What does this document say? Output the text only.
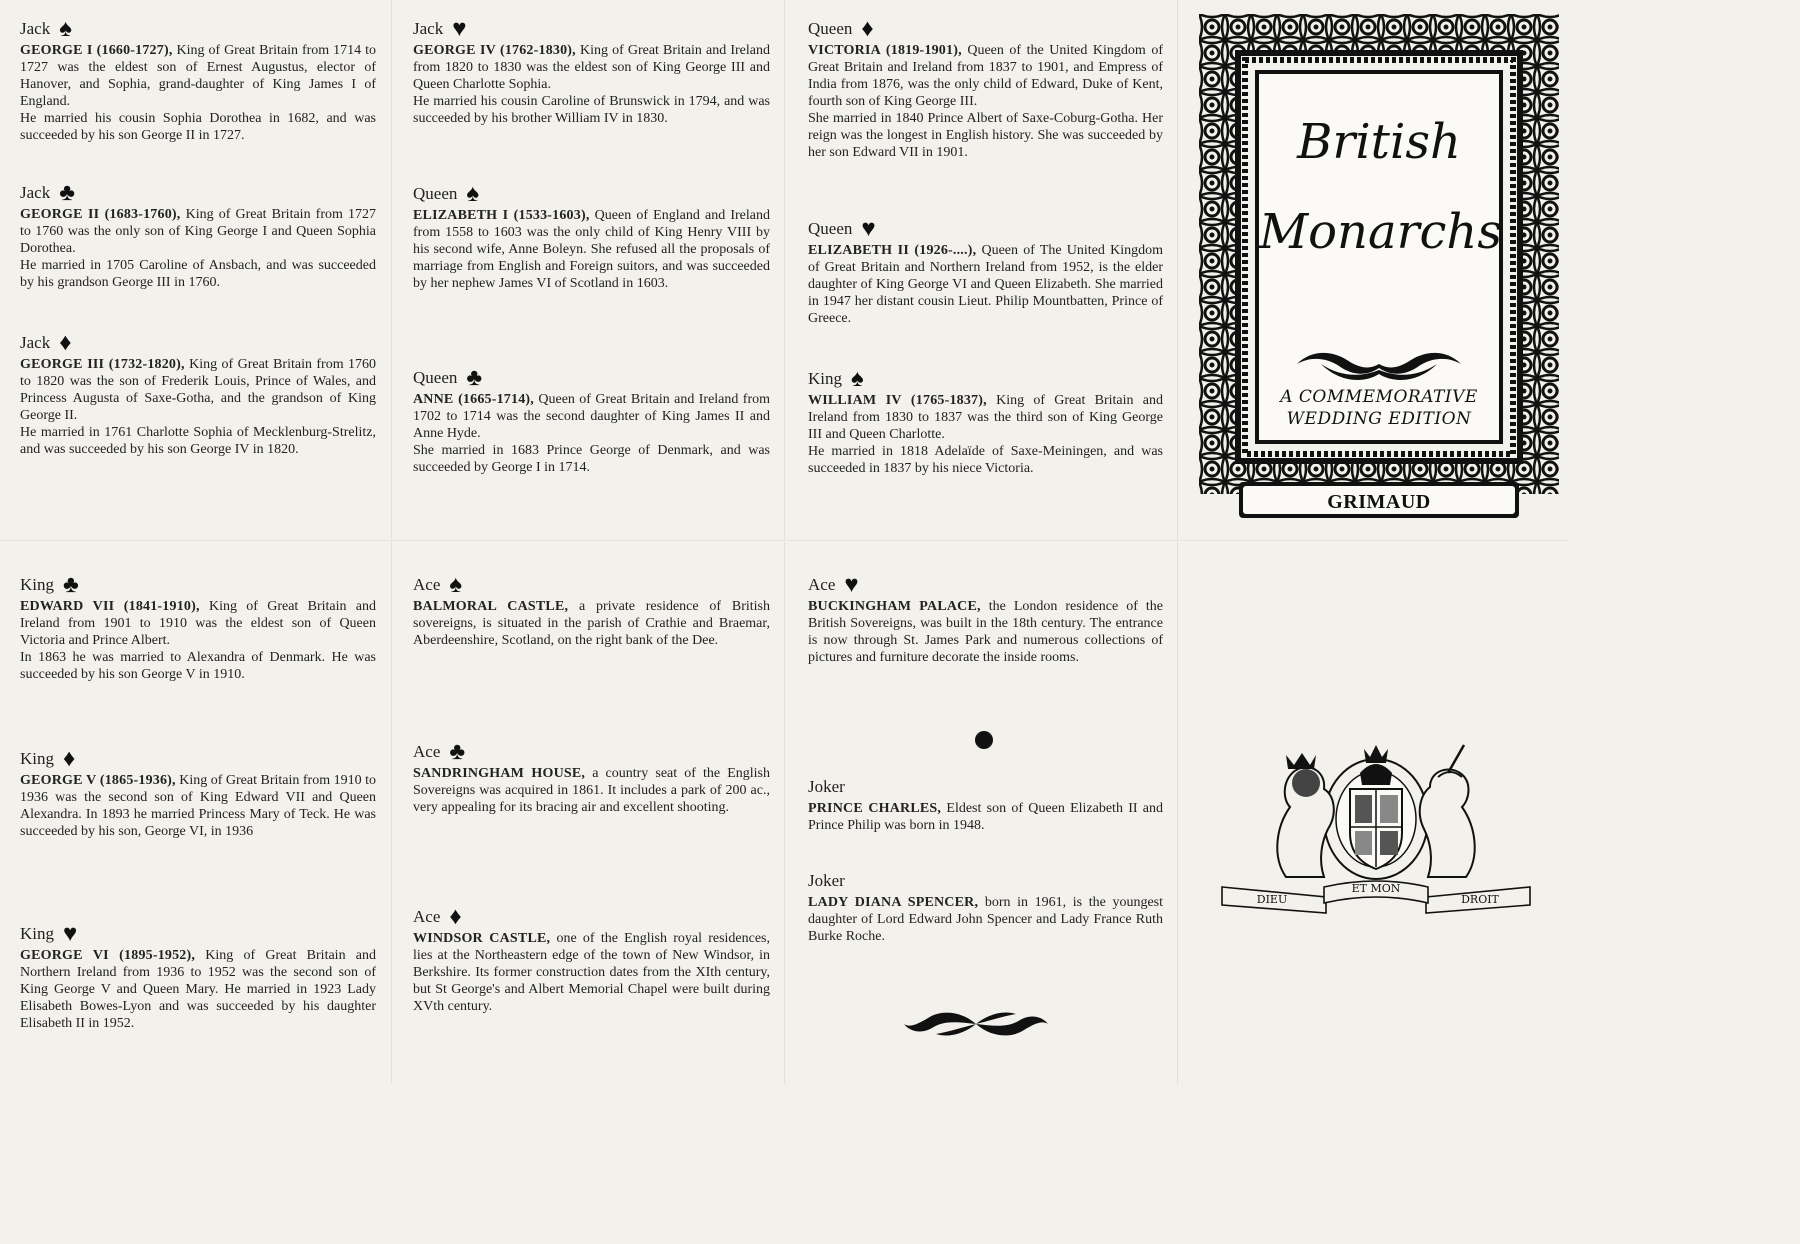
Jack ♠
GEORGE I (1660-1727), King of Great Britain from 1714 to 1727 was the eldest son of Ernest Augustus, elector of Hanover, and Sophia, grand-daughter of King James I of England.
He married his cousin Sophia Dorothea in 1682, and was succeeded by his son George II in 1727.
Jack ♣
GEORGE II (1683-1760), King of Great Britain from 1727 to 1760 was the only son of King George I and Queen Sophia Dorothea.
He married in 1705 Caroline of Ansbach, and was succeeded by his grandson George III in 1760.
Jack ♦
GEORGE III (1732-1820), King of Great Britain from 1760 to 1820 was the son of Frederik Louis, Prince of Wales, and Princess Augusta of Saxe-Gotha, and the grandson of King George II.
He married in 1761 Charlotte Sophia of Mecklenburg-Strelitz, and was succeeded by his son George IV in 1820.
King ♣
EDWARD VII (1841-1910), King of Great Britain and Ireland from 1901 to 1910 was the eldest son of Queen Victoria and Prince Albert.
In 1863 he was married to Alexandra of Denmark. He was succeeded by his son George V in 1910.
King ♦
GEORGE V (1865-1936), King of Great Britain from 1910 to 1936 was the second son of King Edward VII and Queen Alexandra. In 1893 he married Princess Mary of Teck. He was succeeded by his son, George VI, in 1936
King ♥
GEORGE VI (1895-1952), King of Great Britain and Northern Ireland from 1936 to 1952 was the second son of King George V and Queen Mary. He married in 1923 Lady Elisabeth Bowes-Lyon and was succeeded by his daughter Elisabeth II in 1952.
Jack ♥
GEORGE IV (1762-1830), King of Great Britain and Ireland from 1820 to 1830 was the eldest son of King George III and Queen Charlotte Sophia.
He married his cousin Caroline of Brunswick in 1794, and was succeeded by his brother William IV in 1830.
Queen ♠
ELIZABETH I (1533-1603), Queen of England and Ireland from 1558 to 1603 was the only child of King Henry VIII by his second wife, Anne Boleyn. She refused all the proposals of marriage from English and Foreign suitors, and was succeeded by her nephew James VI of Scotland in 1603.
Queen ♣
ANNE (1665-1714), Queen of Great Britain and Ireland from 1702 to 1714 was the second daughter of King James II and Anne Hyde.
She married in 1683 Prince George of Denmark, and was succeeded by George I in 1714.
Ace ♠
BALMORAL CASTLE, a private residence of British sovereigns, is situated in the parish of Crathie and Braemar, Aberdeenshire, Scotland, on the right bank of the Dee.
Ace ♣
SANDRINGHAM HOUSE, a country seat of the English Sovereigns was acquired in 1861. It includes a park of 200 ac., very appealing for its bracing air and excellent shooting.
Ace ♦
WINDSOR CASTLE, one of the English royal residences, lies at the Northeastern edge of the town of New Windsor, in Berkshire. Its former construction dates from the XIth century, but St George's and Albert Memorial Chapel were built during XVth century.
Queen ♦
VICTORIA (1819-1901), Queen of the United Kingdom of Great Britain and Ireland from 1837 to 1901, and Empress of India from 1876, was the only child of Edward, Duke of Kent, fourth son of King George III.
She married in 1840 Prince Albert of Saxe-Coburg-Gotha. Her reign was the longest in English history. She was succeeded by her son Edward VII in 1901.
Queen ♥
ELIZABETH II (1926-....), Queen of The United Kingdom of Great Britain and Northern Ireland from 1952, is the elder daughter of King George VI and Queen Elizabeth. She married in 1947 her distant cousin Lieut. Philip Mountbatten, Prince of Greece.
King ♠
WILLIAM IV (1765-1837), King of Great Britain and Ireland from 1830 to 1837 was the third son of King George III and Queen Charlotte.
He married in 1818 Adelaïde of Saxe-Meiningen, and was succeeded in 1837 by his niece Victoria.
Ace ♥
BUCKINGHAM PALACE, the London residence of the British Sovereigns, was built in the 18th century. The entrance is now through St. James Park and numerous collections of pictures and furniture decorate the inside rooms.
Joker
PRINCE CHARLES, Eldest son of Queen Elizabeth II and Prince Philip was born in 1948.
Joker
LADY DIANA SPENCER, born in 1961, is the youngest daughter of Lord Edward John Spencer and Lady France Ruth Burke Roche.
British
Monarchs
A COMMEMORATIVE
WEDDING EDITION
GRIMAUD
DIEU
ET MON
DROIT
